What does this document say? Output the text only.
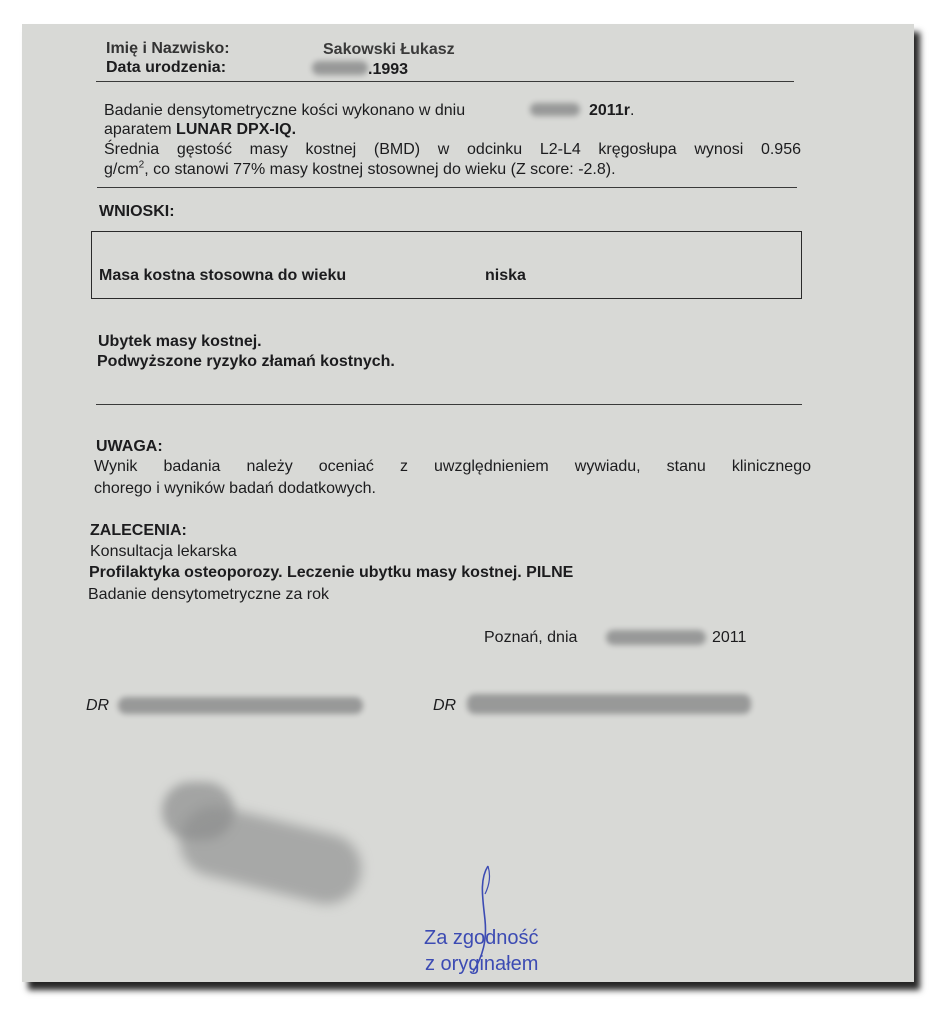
Imię i Nazwisko:	Sakowski Łukasz
Data urodzenia:	.1993
Badanie densytometryczne kości wykonano w dniu	2011r.
aparatem LUNAR DPX-IQ.
Średnia gęstość masy kostnej (BMD) w odcinku L2-L4 kręgosłupa wynosi 0.956
$g/cm^2$, co stanowi 77% masy kostnej stosownej do wieku (Z score: -2.8).
WNIOSKI:
Masa kostna stosowna do wieku	niska
Ubytek masy kostnej.
Podwyższone ryzyko złamań kostnych.
UWAGA:
Wynik badania należy oceniać z uwzględnieniem wywiadu, stanu klinicznego
chorego i wyników badań dodatkowych.
ZALECENIA:
Konsultacja lekarska
Profilaktyka osteoporozy. Leczenie ubytku masy kostnej. PILNE
Badanie densytometryczne za rok
Poznań, dnia	2011
DR	DR
Za zgodność
z oryginałem
